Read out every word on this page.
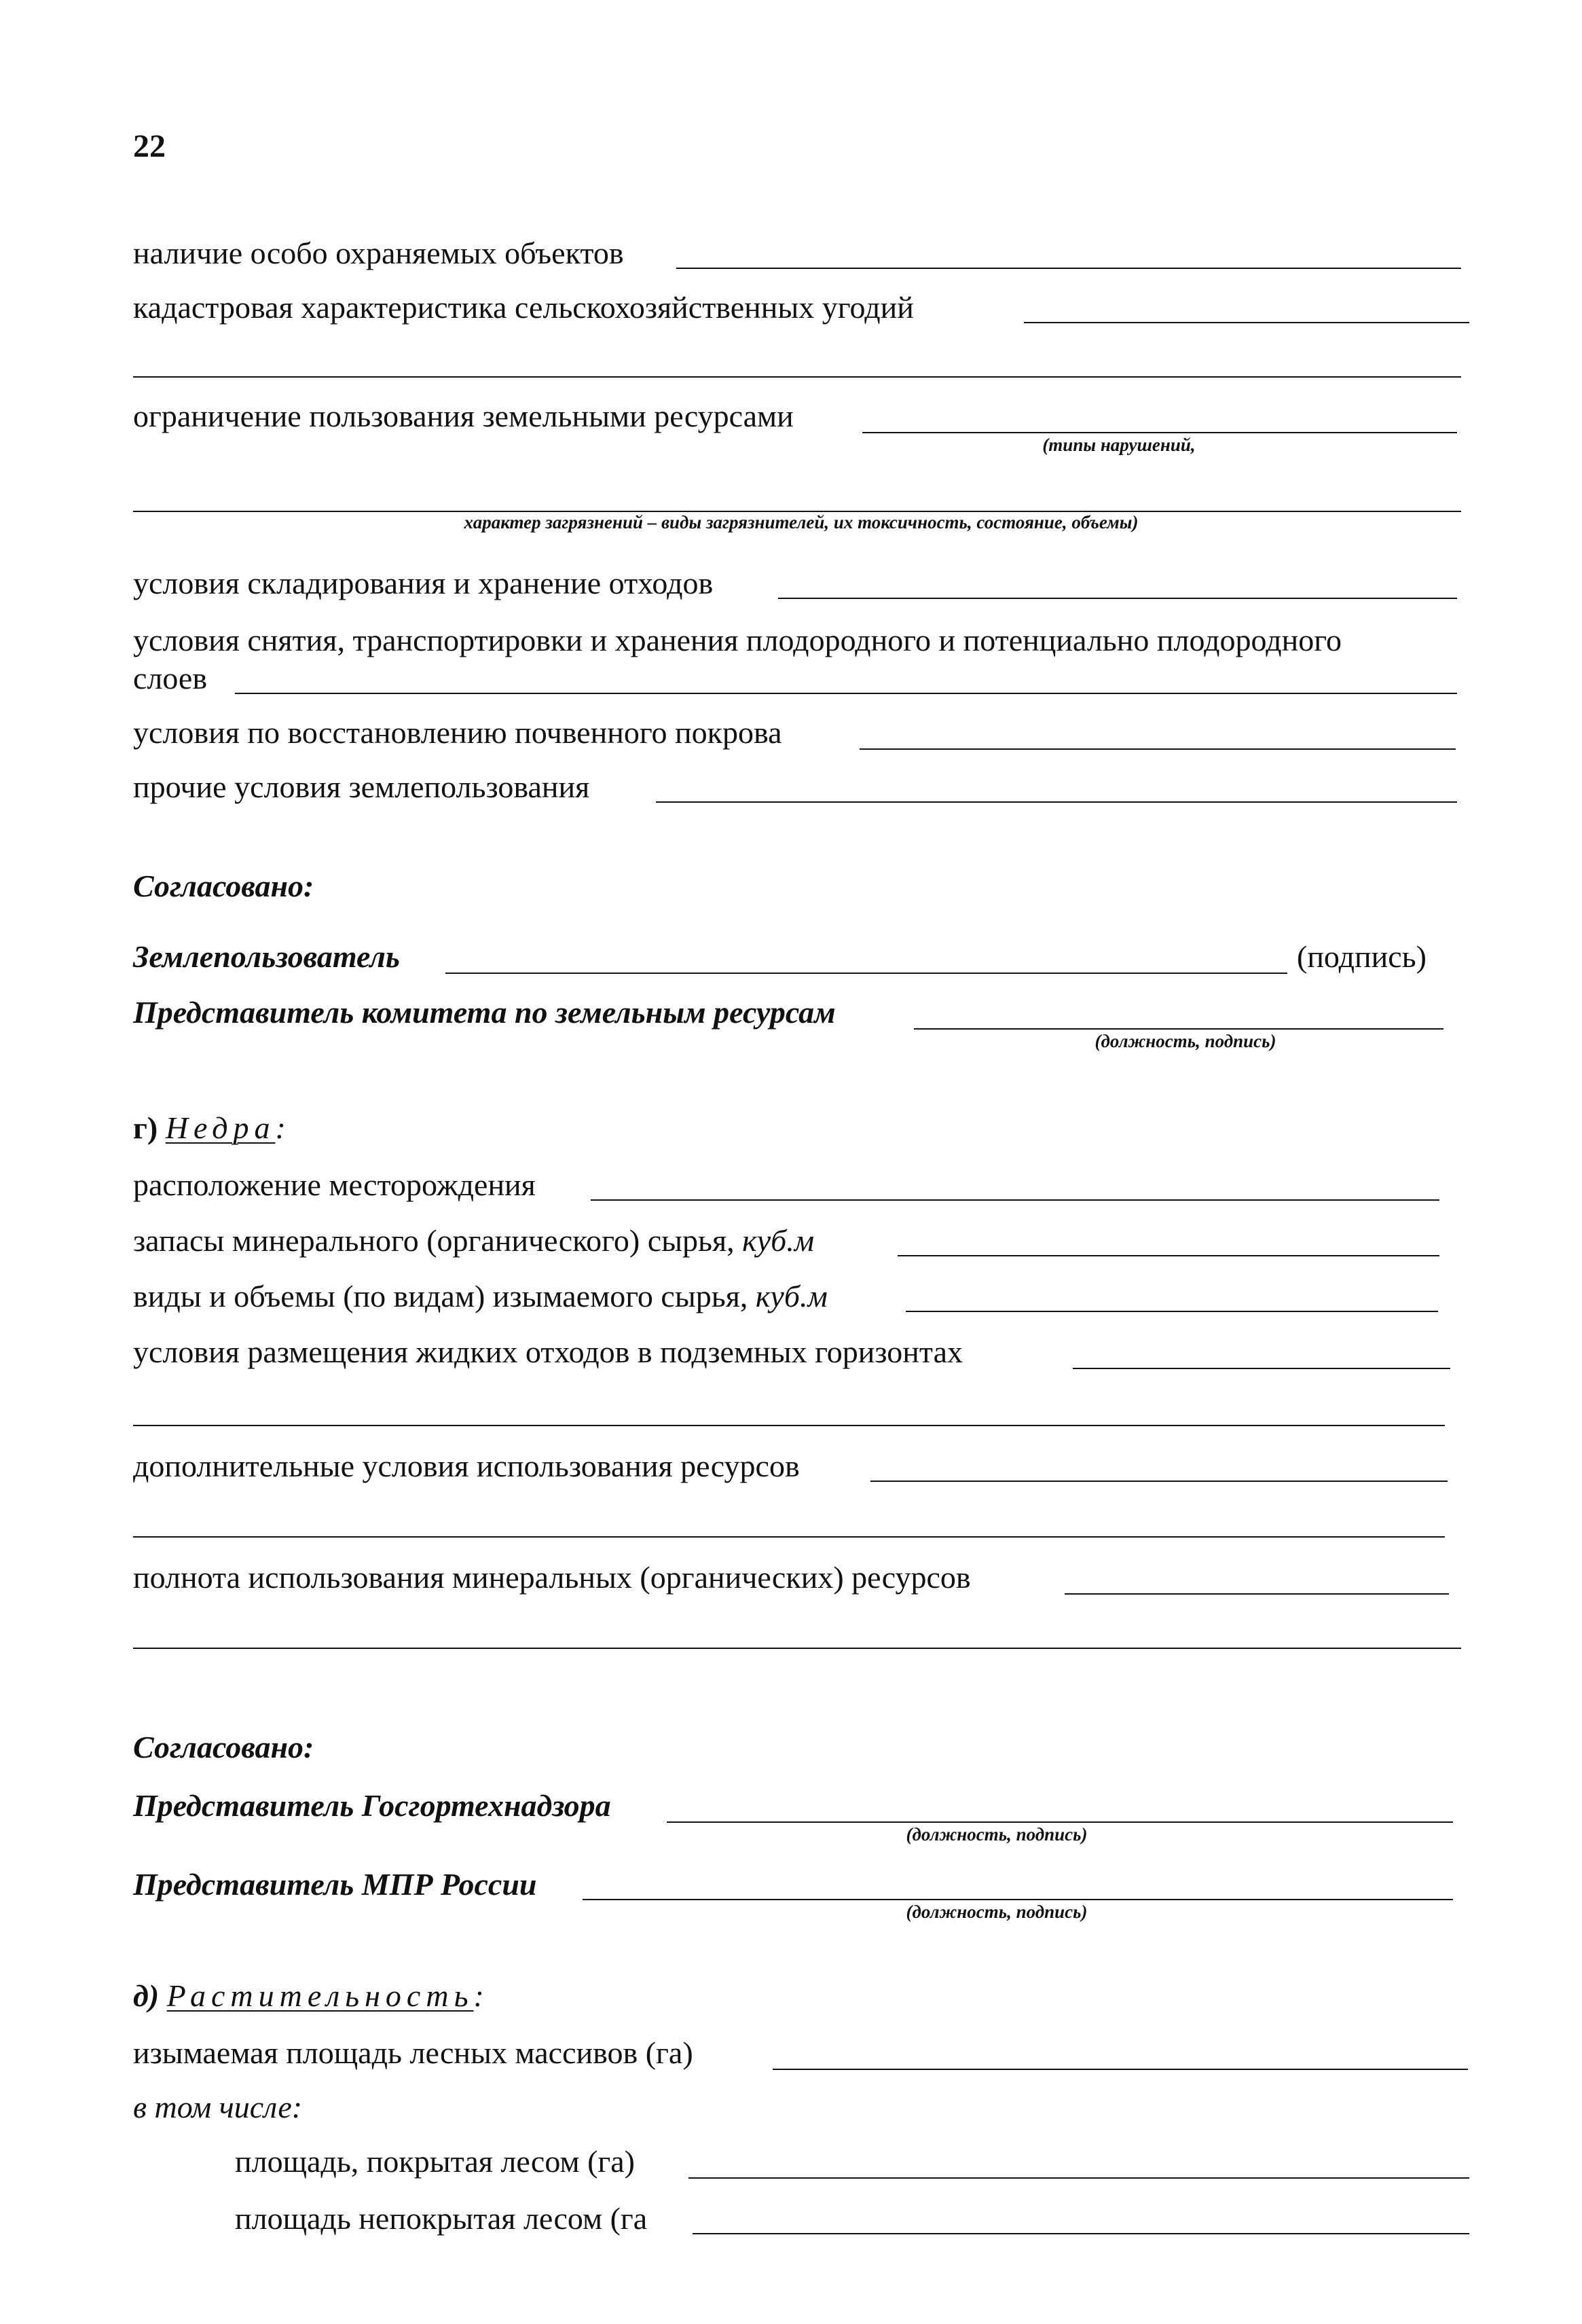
22
наличие особо охраняемых объектов
кадастровая характеристика сельскохозяйственных угодий
ограничение пользования земельными ресурсами
(типы нарушений,
характер загрязнений – виды загрязнителей, их токсичность, состояние, объемы)
условия складирования и хранение отходов
условия снятия, транспортировки и хранения плодородного и потенциально плодородного
слоев
условия по восстановлению почвенного покрова
прочие условия землепользования
Согласовано:
Землепользователь	(подпись)
Представитель комитета по земельным ресурсам
(должность, подпись)
г) Недра:
расположение месторождения
запасы минерального (органического) сырья, куб.м
виды и объемы (по видам) изымаемого сырья, куб.м
условия размещения жидких отходов в подземных горизонтах
дополнительные условия использования ресурсов
полнота использования минеральных (органических) ресурсов
Согласовано:
Представитель Госгортехнадзора
(должность, подпись)
Представитель МПР России
(должность, подпись)
д) Растительность:
изымаемая площадь лесных массивов (га)
в том числе:
площадь, покрытая лесом (га)
площадь непокрытая лесом (га
